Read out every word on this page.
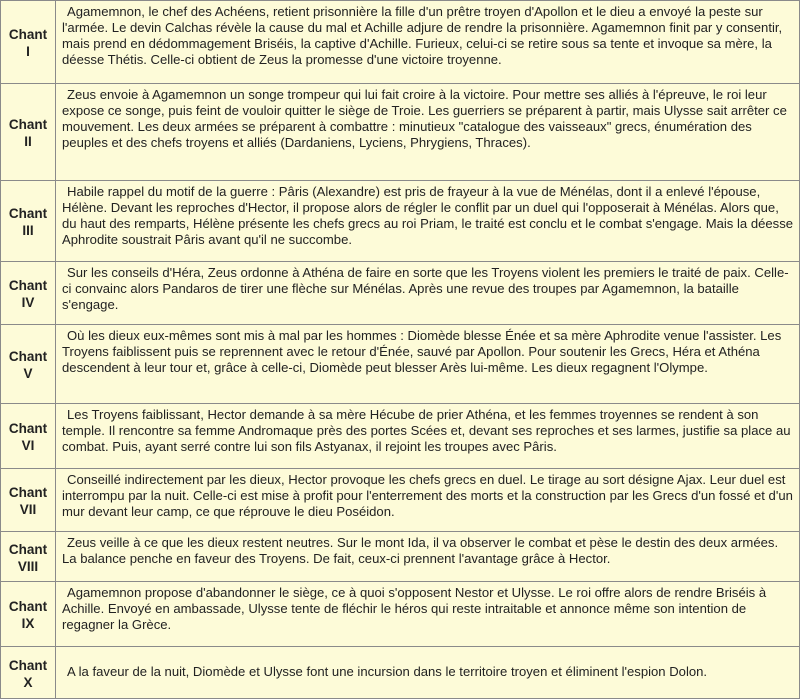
Chant
I	Agamemnon, le chef des Achéens, retient prisonnière la fille d'un prêtre troyen d'Apollon et le dieu a envoyé la peste sur l'armée. Le devin Calchas révèle la cause du mal et Achille adjure de rendre la prisonnière. Agamemnon finit par y consentir, mais prend en dédommagement Briséis, la captive d'Achille. Furieux, celui-ci se retire sous sa tente et invoque sa mère, la déesse Thétis. Celle-ci obtient de Zeus la promesse d'une victoire troyenne.

Chant
II	Zeus envoie à Agamemnon un songe trompeur qui lui fait croire à la victoire. Pour mettre ses alliés à l'épreuve, le roi leur expose ce songe, puis feint de vouloir quitter le siège de Troie. Les guerriers se préparent à partir, mais Ulysse sait arrêter ce mouvement. Les deux armées se préparent à combattre : minutieux "catalogue des vaisseaux" grecs, énumération des peuples et des chefs troyens et alliés (Dardaniens, Lyciens, Phrygiens, Thraces).

Chant
III	Habile rappel du motif de la guerre : Pâris (Alexandre) est pris de frayeur à la vue de Ménélas, dont il a enlevé l'épouse, Hélène. Devant les reproches d'Hector, il propose alors de régler le conflit par un duel qui l'opposerait à Ménélas. Alors que, du haut des remparts, Hélène présente les chefs grecs au roi Priam, le traité est conclu et le combat s'engage. Mais la déesse Aphrodite soustrait Pâris avant qu'il ne succombe.

Chant
IV	Sur les conseils d'Héra, Zeus ordonne à Athéna de faire en sorte que les Troyens violent les premiers le traité de paix. Celle-ci convainc alors Pandaros de tirer une flèche sur Ménélas. Après une revue des troupes par Agamemnon, la bataille s'engage.

Chant
V	Où les dieux eux-mêmes sont mis à mal par les hommes : Diomède blesse Énée et sa mère Aphrodite venue l'assister. Les Troyens faiblissent puis se reprennent avec le retour d'Énée, sauvé par Apollon. Pour soutenir les Grecs, Héra et Athéna descendent à leur tour et, grâce à celle-ci, Diomède peut blesser Arès lui-même. Les dieux regagnent l'Olympe.

Chant
VI	Les Troyens faiblissant, Hector demande à sa mère Hécube de prier Athéna, et les femmes troyennes se rendent à son temple. Il rencontre sa femme Andromaque près des portes Scées et, devant ses reproches et ses larmes, justifie sa place au combat. Puis, ayant serré contre lui son fils Astyanax, il rejoint les troupes avec Pâris.

Chant
VII	Conseillé indirectement par les dieux, Hector provoque les chefs grecs en duel. Le tirage au sort désigne Ajax. Leur duel est interrompu par la nuit. Celle-ci est mise à profit pour l'enterrement des morts et la construction par les Grecs d'un fossé et d'un mur devant leur camp, ce que réprouve le dieu Poséidon.

Chant
VIII	Zeus veille à ce que les dieux restent neutres. Sur le mont Ida, il va observer le combat et pèse le destin des deux armées. La balance penche en faveur des Troyens. De fait, ceux-ci prennent l'avantage grâce à Hector.

Chant
IX	Agamemnon propose d'abandonner le siège, ce à quoi s'opposent Nestor et Ulysse. Le roi offre alors de rendre Briséis à Achille. Envoyé en ambassade, Ulysse tente de fléchir le héros qui reste intraitable et annonce même son intention de regagner la Grèce.

Chant
X	A la faveur de la nuit, Diomède et Ulysse font une incursion dans le territoire troyen et éliminent l'espion Dolon.
